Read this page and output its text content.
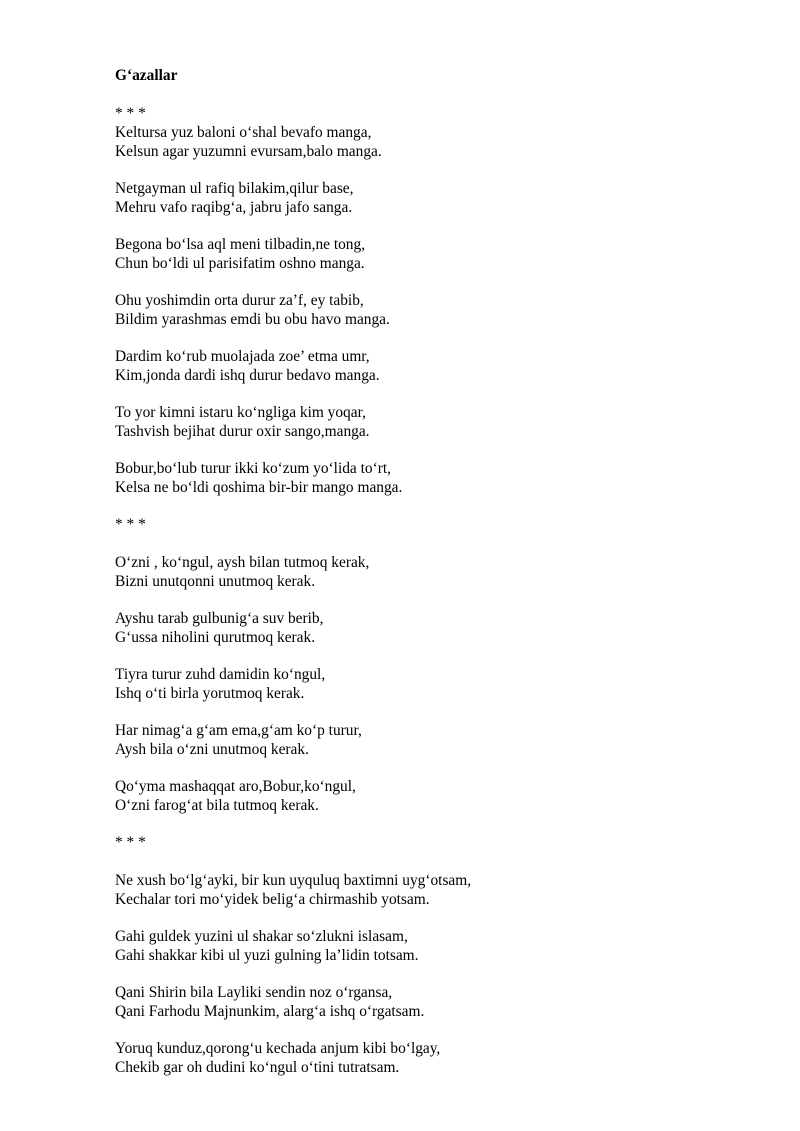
G‘azallar
* * *
Keltursa yuz baloni o‘shal bevafo manga,
Kelsun agar yuzumni evursam,balo manga.
Netgayman ul rafiq bilakim,qilur base,
Mehru vafo raqibg‘a, jabru jafo sanga.
Begona bo‘lsa aql meni tilbadin,ne tong,
Chun bo‘ldi ul parisifatim oshno manga.
Ohu yoshimdin orta durur za’f, ey tabib,
Bildim yarashmas emdi bu obu havo manga.
Dardim ko‘rub muolajada zoe’ etma umr,
Kim,jonda dardi ishq durur bedavo manga.
To yor kimni istaru ko‘ngliga kim yoqar,
Tashvish bejihat durur oxir sango,manga.
Bobur,bo‘lub turur ikki ko‘zum yo‘lida to‘rt,
Kelsa ne bo‘ldi qoshima bir-bir mango manga.
* * *
O‘zni , ko‘ngul, aysh bilan tutmoq kerak,
Bizni unutqonni unutmoq kerak.
Ayshu tarab gulbunig‘a suv berib,
G‘ussa niholini qurutmoq kerak.
Tiyra turur zuhd damidin ko‘ngul,
Ishq o‘ti birla yorutmoq kerak.
Har nimag‘a g‘am ema,g‘am ko‘p turur,
Aysh bila o‘zni unutmoq kerak.
Qo‘yma mashaqqat aro,Bobur,ko‘ngul,
O‘zni farog‘at bila tutmoq kerak.
* * *
Ne xush bo‘lg‘ayki, bir kun uyquluq baxtimni uyg‘otsam,
Kechalar tori mo‘yidek belig‘a chirmashib yotsam.
Gahi guldek yuzini ul shakar so‘zlukni islasam,
Gahi shakkar kibi ul yuzi gulning la’lidin totsam.
Qani Shirin bila Layliki sendin noz o‘rgansa,
Qani Farhodu Majnunkim, alarg‘a ishq o‘rgatsam.
Yoruq kunduz,qorong‘u kechada anjum kibi bo‘lgay,
Chekib gar oh dudini ko‘ngul o‘tini tutratsam.
